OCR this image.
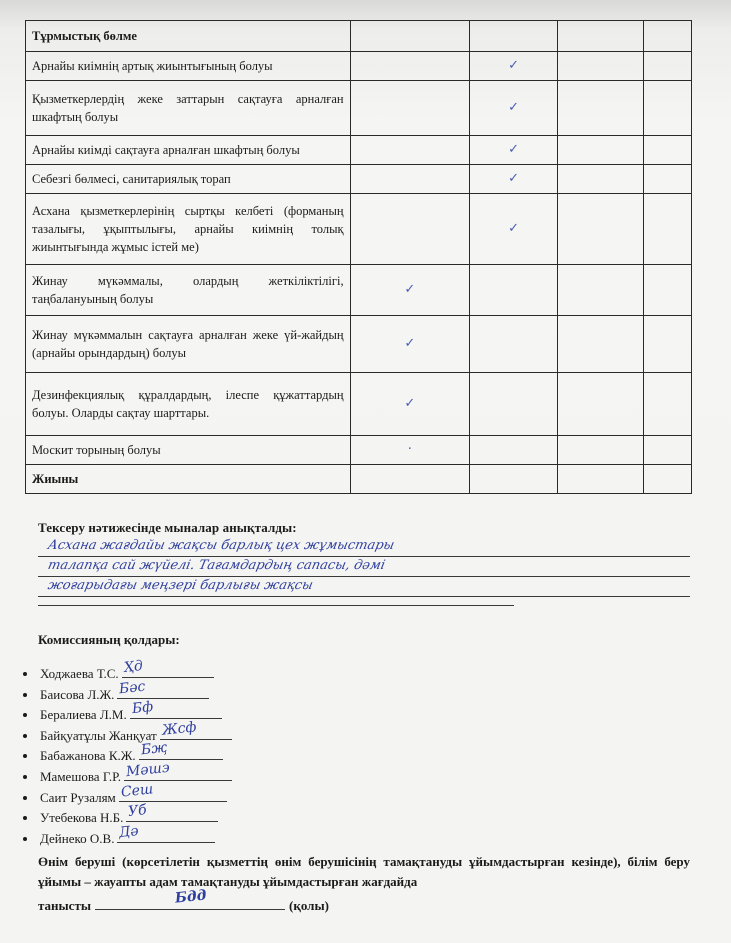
Тұрмыстық бөлме				
Арнайы киімнің артық жиынтығының болуы		✓		
Қызметкерлердің жеке заттарын сақтауға арналған шкафтың болуы		✓		
Арнайы киімді сақтауға арналған шкафтың болуы		✓		
Себезгі бөлмесі, санитариялық торап		✓		
Асхана қызметкерлерінің сыртқы келбеті (форманың тазалығы, ұқыптылығы, арнайы киімнің толық жиынтығында жұмыс істей ме)		✓		
Жинау мүкәммалы, олардың жеткіліктілігі, таңбалануының болуы	✓			
Жинау мүкәммалын сақтауға арналған жеке үй-жайдың (арнайы орындардың) болуы	✓			
Дезинфекциялық құралдардың, ілеспе құжаттардың болуы. Оларды сақтау шарттары.	✓			
Москит торының болуы	·			
Жиыны				
Тексеру нәтижесінде мыналар анықталды:
Асхана жағдайы жақсы барлық цех жұмыстары
талапқа сай жүйелі. Тағамдардың сапасы, дәмі
жоғарыдағы меңзері барлығы жақсы
Комиссияның қолдары:
• Ходжаева Т.С. Ҳд
• Баисова Л.Ж. Бәс
• Бералиева Л.М. Бф
• Байқуатұлы Жанқуат Жсф
• Бабажанова К.Ж. Бҗ
• Мамешова Г.Р. Мәшэ
• Саит Рузалям Сеш
• Утебекова Н.Б. Уб
• Дейнеко О.В. Дә
Өнім беруші (көрсетілетін қызметтің өнім берушісінің тамақтануды ұйымдастырған кезінде), білім беру ұйымы – жауапты адам тамақтануды ұйымдастырған жағдайда
танысты	Бдд	(қолы)
